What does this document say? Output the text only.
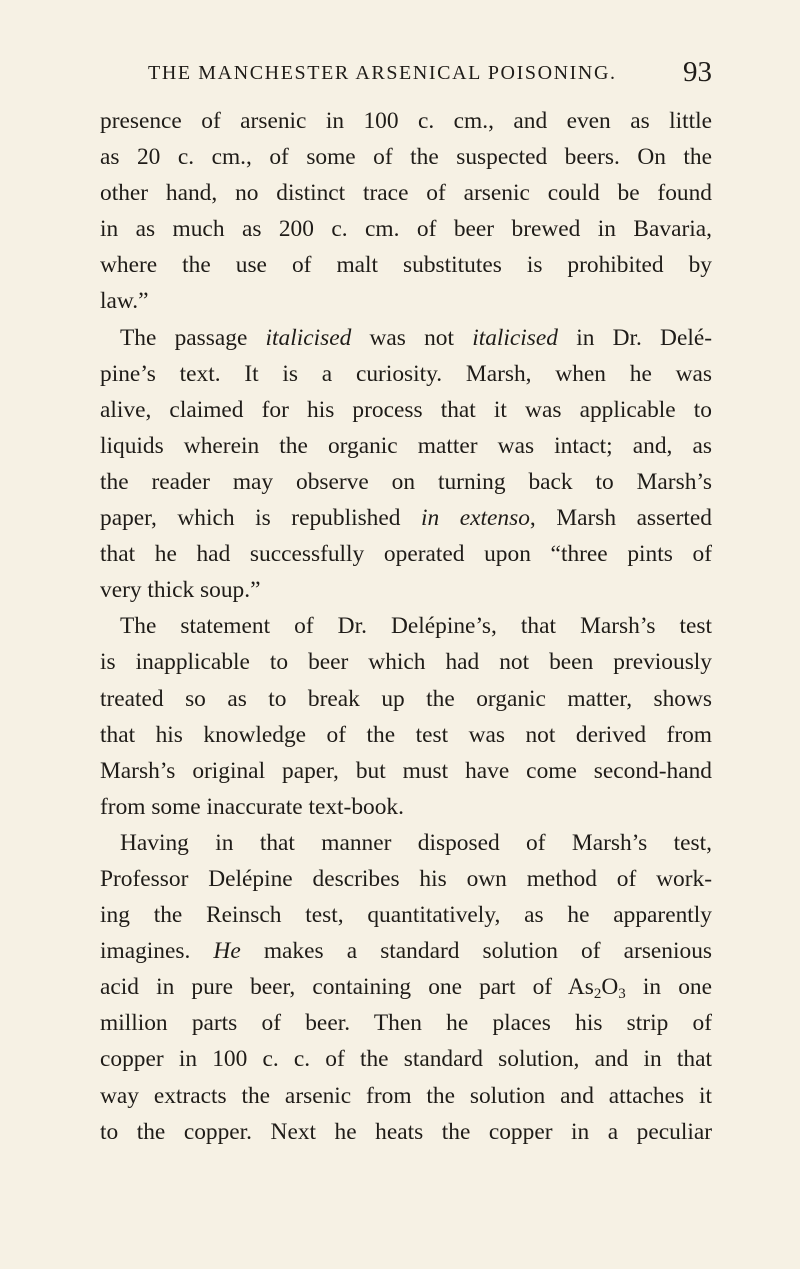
THE MANCHESTER ARSENICAL POISONING. 93
presence of arsenic in 100 c. cm., and even as little
as 20 c. cm., of some of the suspected beers. On the
other hand, no distinct trace of arsenic could be found
in as much as 200 c. cm. of beer brewed in Bavaria,
where the use of malt substitutes is prohibited by
law.”
The passage italicised was not italicised in Dr. Delé-
pine’s text. It is a curiosity. Marsh, when he was
alive, claimed for his process that it was applicable to
liquids wherein the organic matter was intact; and, as
the reader may observe on turning back to Marsh’s
paper, which is republished in extenso, Marsh asserted
that he had successfully operated upon “three pints of
very thick soup.”
The statement of Dr. Delépine’s, that Marsh’s test
is inapplicable to beer which had not been previously
treated so as to break up the organic matter, shows
that his knowledge of the test was not derived from
Marsh’s original paper, but must have come second-hand
from some inaccurate text-book.
Having in that manner disposed of Marsh’s test,
Professor Delépine describes his own method of work-
ing the Reinsch test, quantitatively, as he apparently
imagines. He makes a standard solution of arsenious
acid in pure beer, containing one part of $As_2O_3$ in one
million parts of beer. Then he places his strip of
copper in 100 c. c. of the standard solution, and in that
way extracts the arsenic from the solution and attaches it
to the copper. Next he heats the copper in a peculiar
